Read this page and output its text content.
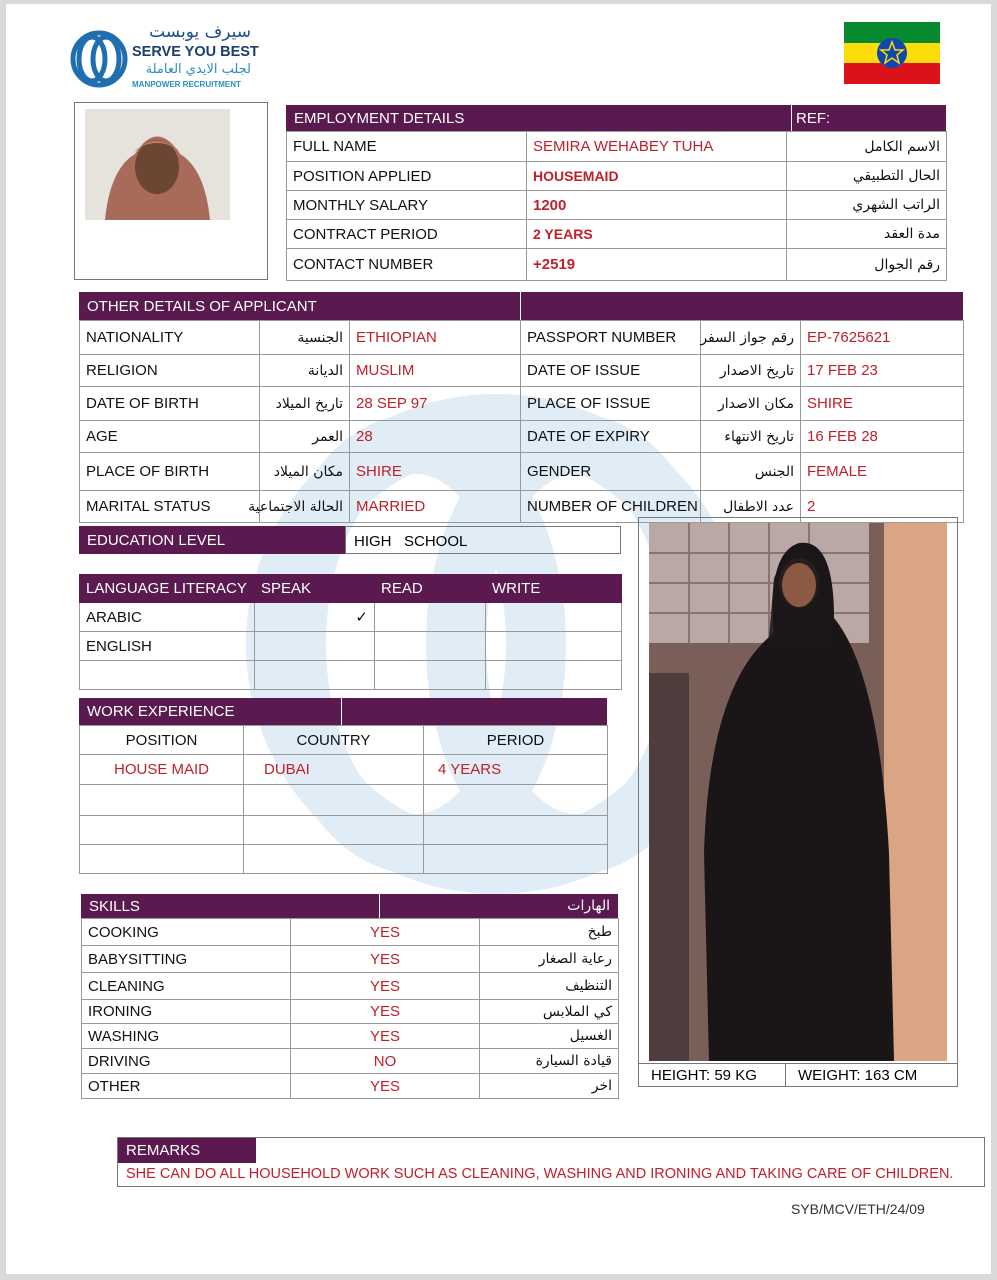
سيرف يوبست
SERVE YOU BEST
لجلب الايدي العاملة
MANPOWER RECRUITMENT
EMPLOYMENT DETAILS	REF:
FULL NAME	SEMIRA WEHABEY TUHA	الاسم الكامل
POSITION APPLIED	HOUSEMAID	الحال التطبيقي
MONTHLY SALARY	1200	الراتب الشهري
CONTRACT PERIOD	2 YEARS	مدة العقد
CONTACT NUMBER	+2519	رقم الجوال
OTHER DETAILS OF APPLICANT
NATIONALITY	الجنسية	ETHIOPIAN	PASSPORT NUMBER	رقم جواز السفر	EP-7625621
RELIGION	الديانة	MUSLIM	DATE OF ISSUE	تاريخ الاصدار	17 FEB 23
DATE OF BIRTH	تاريخ الميلاد	28 SEP 97	PLACE OF ISSUE	مكان الاصدار	SHIRE
AGE	العمر	28	DATE OF EXPIRY	تاريخ الانتهاء	16 FEB 28
PLACE OF BIRTH	مكان الميلاد	SHIRE	GENDER	الجنس	FEMALE
MARITAL STATUS	الحالة الاجتماعية	MARRIED	NUMBER OF CHILDREN	عدد الاطفال	2
EDUCATION LEVEL	HIGH   SCHOOL
LANGUAGE LITERACY	SPEAK	READ	WRITE
ARABIC	✓		
ENGLISH			

WORK EXPERIENCE
POSITION	COUNTRY	PERIOD
HOUSE MAID	DUBAI	4 YEARS

SKILLS	الهارات
COOKING	YES	طبخ
BABYSITTING	YES	رعاية الصغار
CLEANING	YES	التنظيف
IRONING	YES	كي الملابس
WASHING	YES	الغسيل
DRIVING	NO	قيادة السيارة
OTHER	YES	اخر
HEIGHT: 59 KG	WEIGHT: 163 CM
REMARKS
SHE CAN DO ALL HOUSEHOLD WORK SUCH AS CLEANING, WASHING AND IRONING AND TAKING CARE OF CHILDREN.
SYB/MCV/ETH/24/09
